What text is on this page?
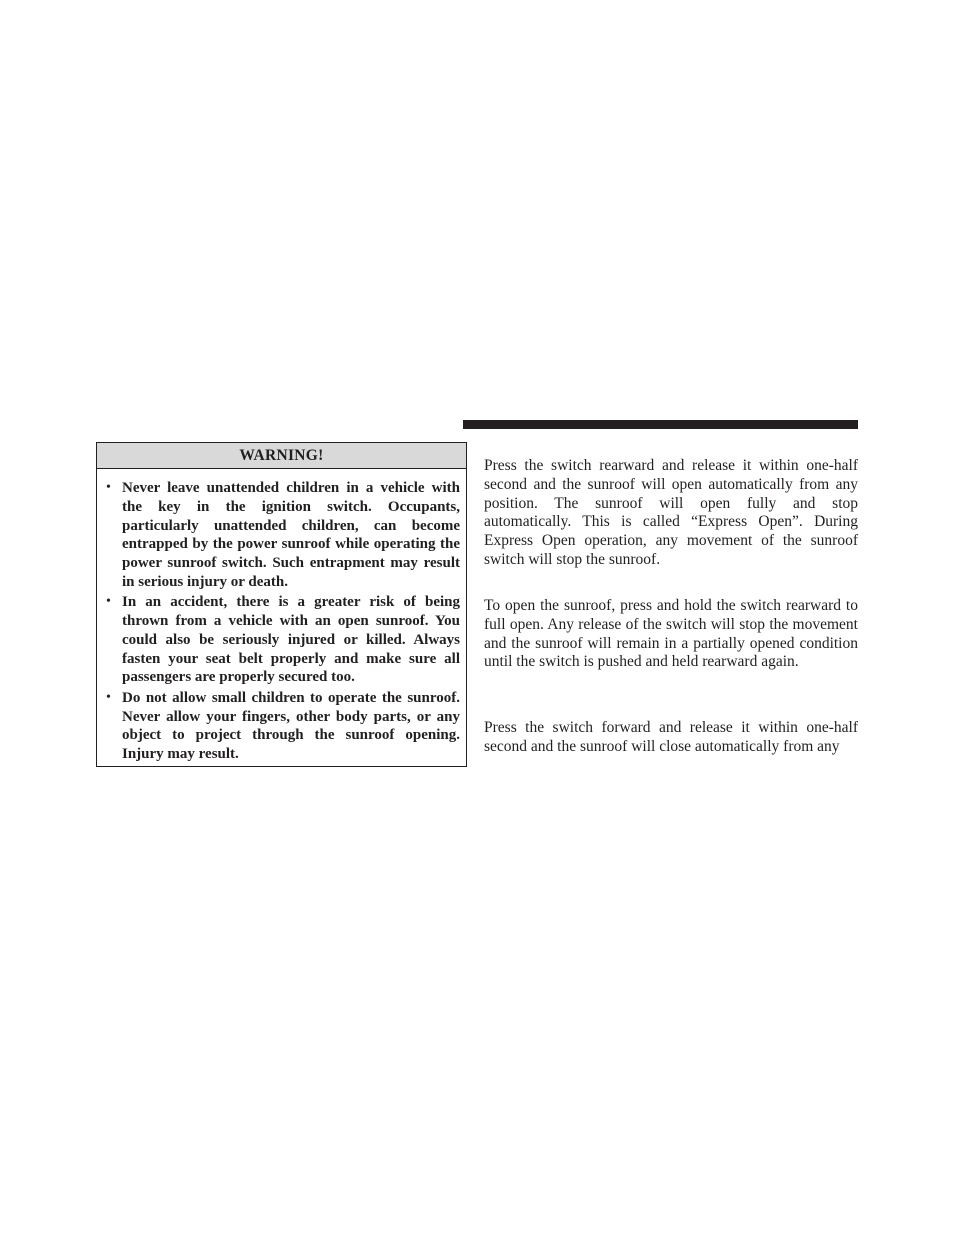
WARNING!
• Never leave unattended children in a vehicle with the key in the ignition switch. Occupants, particularly unattended children, can become entrapped by the power sunroof while operating the power sunroof switch. Such entrapment may result in serious injury or death.
• In an accident, there is a greater risk of being thrown from a vehicle with an open sunroof. You could also be seriously injured or killed. Always fasten your seat belt properly and make sure all passengers are properly secured too.
• Do not allow small children to operate the sunroof. Never allow your fingers, other body parts, or any object to project through the sunroof opening. Injury may result.

Press the switch rearward and release it within one-half second and the sunroof will open automatically from any position. The sunroof will open fully and stop automatically. This is called “Express Open”. During Express Open operation, any movement of the sunroof switch will stop the sunroof.

To open the sunroof, press and hold the switch rearward to full open. Any release of the switch will stop the movement and the sunroof will remain in a partially opened condition until the switch is pushed and held rearward again.

Press the switch forward and release it within one-half second and the sunroof will close automatically from any
